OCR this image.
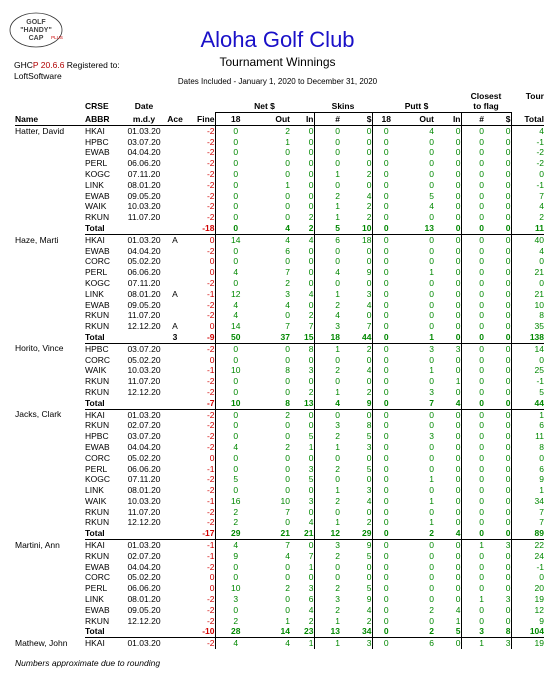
GOLF
"HANDY"
CAP PLUS
GHCP 20.6.6 Registered to:
LoftSoftware
Aloha Golf Club
Tournament Winnings
Dates Included - January 1, 2020 to December 31, 2020
													Closest		Tour
	CRSE	Date			Net $			Skins		Putt $			to flag		
Name	ABBR	m.d.y	Ace	Fine	18	Out	In	#	$	18	Out	In	#	$	Total
Hatter, David	HKAI	01.03.20		-2	0	2	0	0	0	0	4	0	0	0	4
	HPBC	03.07.20		-2	0	1	0	0	0	0	0	0	0	0	-1
	EWAB	04.04.20		-2	0	0	0	0	0	0	0	0	0	0	-2
	PERL	06.06.20		-2	0	0	0	0	0	0	0	0	0	0	-2
	KOGC	07.11.20		-2	0	0	0	1	2	0	0	0	0	0	0
	LINK	08.01.20		-2	0	1	0	0	0	0	0	0	0	0	-1
	EWAB	09.05.20		-2	0	0	0	2	4	0	5	0	0	0	7
	WAIK	10.03.20		-2	0	0	0	1	2	0	4	0	0	0	4
	RKUN	11.07.20		-2	0	0	2	1	2	0	0	0	0	0	2
	Total			-18	0	4	2	5	10	0	13	0	0	0	11
Haze, Marti	HKAI	01.03.20	A	0	14	4	4	6	18	0	0	0	0	0	40
	EWAB	04.04.20		-2	0	6	0	0	0	0	0	0	0	0	4
	CORC	05.02.20		0	0	0	0	0	0	0	0	0	0	0	0
	PERL	06.06.20		0	4	7	0	4	9	0	1	0	0	0	21
	KOGC	07.11.20		-2	0	2	0	0	0	0	0	0	0	0	0
	LINK	08.01.20	A	-1	12	3	4	1	3	0	0	0	0	0	21
	EWAB	09.05.20		-2	4	4	0	2	4	0	0	0	0	0	10
	RKUN	11.07.20		-2	4	0	2	4	0	0	0	0	0	0	8
	RKUN	12.12.20	A	0	14	7	7	3	7	0	0	0	0	0	35
	Total		3	-9	50	37	15	18	44	0	1	0	0	0	138
Horito, Vince	HPBC	03.07.20		-2	0	0	8	1	2	0	3	3	0	0	14
	CORC	05.02.20		0	0	0	0	0	0	0	0	0	0	0	0
	WAIK	10.03.20		-1	10	8	3	2	4	0	1	0	0	0	25
	RKUN	11.07.20		-2	0	0	0	0	0	0	0	1	0	0	-1
	RKUN	12.12.20		-2	0	0	2	1	2	0	3	0	0	0	5
	Total			-7	10	8	13	4	9	0	7	4	0	0	44
Jacks, Clark	HKAI	01.03.20		-2	0	2	0	0	0	0	0	0	0	0	1
	RKUN	02.07.20		-2	0	0	0	3	8	0	0	0	0	0	6
	HPBC	03.07.20		-2	0	0	5	2	5	0	3	0	0	0	11
	EWAB	04.04.20		-2	4	2	1	1	3	0	0	0	0	0	8
	CORC	05.02.20		0	0	0	0	0	0	0	0	0	0	0	0
	PERL	06.06.20		-1	0	0	3	2	5	0	0	0	0	0	6
	KOGC	07.11.20		-2	5	0	5	0	0	0	1	0	0	0	9
	LINK	08.01.20		-2	0	0	0	1	3	0	0	0	0	0	1
	WAIK	10.03.20		-1	16	10	3	2	4	0	1	0	0	0	34
	RKUN	11.07.20		-2	2	7	0	0	0	0	0	0	0	0	7
	RKUN	12.12.20		-2	2	0	4	1	2	0	1	0	0	0	7
	Total			-17	29	21	21	12	29	0	2	4	0	0	89
Martini, Ann	HKAI	01.03.20		-1	4	7	0	3	9	0	0	0	1	3	22
	RKUN	02.07.20		-1	9	4	7	2	5	0	0	0	0	0	24
	EWAB	04.04.20		-2	0	0	1	0	0	0	0	0	0	0	-1
	CORC	05.02.20		0	0	0	0	0	0	0	0	0	0	0	0
	PERL	06.06.20		0	10	2	3	2	5	0	0	0	0	0	20
	LINK	08.01.20		-2	3	0	6	3	9	0	0	0	1	3	19
	EWAB	09.05.20		-2	0	0	4	2	4	0	2	4	0	0	12
	RKUN	12.12.20		-2	2	1	2	1	2	0	0	1	0	0	9
	Total			-10	28	14	23	13	34	0	2	5	3	8	104
Mathew, John	HKAI	01.03.20		-2	4	4	1	1	3	0	6	0	1	3	19
Numbers approximate due to rounding
